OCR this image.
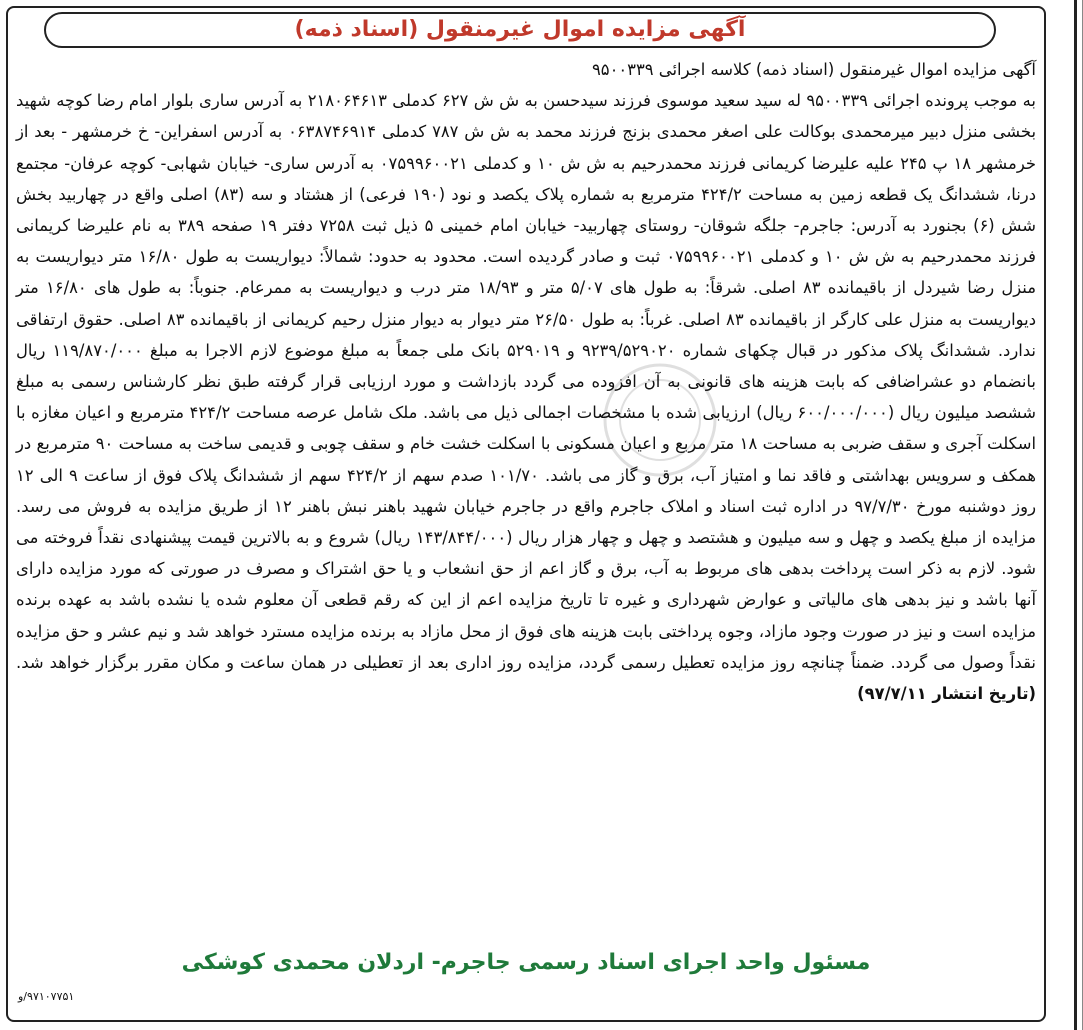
آگهی مزایده اموال غیرمنقول (اسناد ذمه)
آگهی مزایده اموال غیرمنقول (اسناد ذمه) کلاسه اجرائی ۹۵۰۰۳۳۹
به موجب پرونده اجرائی ۹۵۰۰۳۳۹ له سید سعید موسوی فرزند سیدحسن به ش ش ۶۲۷ کدملی ۲۱۸۰۶۴۶۱۳ به آدرس ساری بلوار امام رضا کوچه شهید بخشی منزل دبیر میرمحمدی بوکالت علی اصغر محمدی بزنج فرزند محمد به ش ش ۷۸۷ کدملی ۰۶۳۸۷۴۶۹۱۴ به آدرس اسفراین- خ خرمشهر - بعد از خرمشهر ۱۸ پ ۲۴۵ علیه علیرضا کریمانی فرزند محمدرحیم به ش ش ۱۰ و کدملی ۰۷۵۹۹۶۰۰۲۱ به آدرس ساری- خیابان شهابی- کوچه عرفان- مجتمع درنا، ششدانگ یک قطعه زمین به مساحت ۴۲۴/۲ مترمربع به شماره پلاک یکصد و نود (۱۹۰ فرعی) از هشتاد و سه (۸۳) اصلی واقع در چهاربید بخش شش (۶) بجنورد به آدرس: جاجرم- جلگه شوقان- روستای چهاربید- خیابان امام خمینی ۵ ذیل ثبت ۷۲۵۸ دفتر ۱۹ صفحه ۳۸۹ به نام علیرضا کریمانی فرزند محمدرحیم به ش ش ۱۰ و کدملی ۰۷۵۹۹۶۰۰۲۱ ثبت و صادر گردیده است. محدود به حدود: شمالاً: دیواریست به طول ۱۶/۸۰ متر دیواریست به منزل رضا شیردل از باقیمانده ۸۳ اصلی. شرقاً: به طول های ۵/۰۷ متر و ۱۸/۹۳ متر درب و دیواریست به ممرعام. جنوباً: به طول های ۱۶/۸۰ متر دیواریست به منزل علی کارگر از باقیمانده ۸۳ اصلی. غرباً: به طول ۲۶/۵۰ متر دیوار به دیوار منزل رحیم کریمانی از باقیمانده ۸۳ اصلی. حقوق ارتفاقی ندارد. ششدانگ پلاک مذکور در قبال چکهای شماره ۹۲۳۹/۵۲۹۰۲۰ و ۵۲۹۰۱۹ بانک ملی جمعاً به مبلغ موضوع لازم الاجرا به مبلغ ۱۱۹/۸۷۰/۰۰۰ ریال بانضمام دو عشراضافی که بابت هزینه های قانونی به آن افزوده می گردد بازداشت و مورد ارزیابی قرار گرفته طبق نظر کارشناس رسمی به مبلغ ششصد میلیون ریال (۶۰۰/۰۰۰/۰۰۰ ریال) ارزیابی شده با مشخصات اجمالی ذیل می باشد. ملک شامل عرصه مساحت ۴۲۴/۲ مترمربع و اعیان مغازه با اسکلت آجری و سقف ضربی به مساحت ۱۸ متر مربع و اعیان مسکونی با اسکلت خشت خام و سقف چوبی و قدیمی ساخت به مساحت ۹۰ مترمربع در همکف و سرویس بهداشتی و فاقد نما و امتیاز آب، برق و گاز می باشد. ۱۰۱/۷۰ صدم سهم از ۴۲۴/۲ سهم از ششدانگ پلاک فوق از ساعت ۹ الی ۱۲ روز دوشنبه مورخ ۹۷/۷/۳۰ در اداره ثبت اسناد و املاک جاجرم واقع در جاجرم خیابان شهید باهنر نبش باهنر ۱۲ از طریق مزایده به فروش می رسد. مزایده از مبلغ یکصد و چهل و سه میلیون و هشتصد و چهل و چهار هزار ریال (۱۴۳/۸۴۴/۰۰۰ ریال) شروع و به بالاترین قیمت پیشنهادی نقداً فروخته می شود. لازم به ذکر است پرداخت بدهی های مربوط به آب، برق و گاز اعم از حق انشعاب و یا حق اشتراک و مصرف در صورتی که مورد مزایده دارای آنها باشد و نیز بدهی های مالیاتی و عوارض شهرداری و غیره تا تاریخ مزایده اعم از این که رقم قطعی آن معلوم شده یا نشده باشد به عهده برنده مزایده است و نیز در صورت وجود مازاد، وجوه پرداختی بابت هزینه های فوق از محل مازاد به برنده مزایده مسترد خواهد شد و نیم عشر و حق مزایده نقداً وصول می گردد. ضمناً چنانچه روز مزایده تعطیل رسمی گردد، مزایده روز اداری بعد از تعطیلی در همان ساعت و مکان مقرر برگزار خواهد شد. (تاریخ انتشار ۹۷/۷/۱۱)
مسئول واحد اجرای اسناد رسمی جاجرم- اردلان محمدی کوشکی
۹۷۱۰۷۷۵۱/و
